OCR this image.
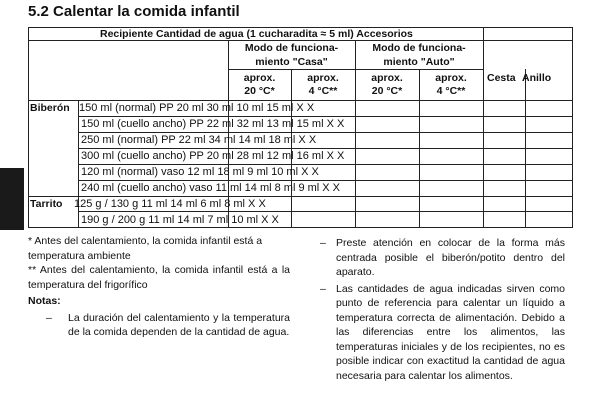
5.2 Calentar la comida infantil
Recipiente Cantidad de agua (1 cucharadita ≈ 5 ml) Accesorios
Modo de funciona-
miento "Casa"
Modo de funciona-
miento "Auto"
aprox.
20 °C*
aprox.
4 °C**
aprox.
20 °C*
aprox.
4 °C**
Cesta Anillo
Biberón
Tarrito
150 ml (normal) PP 20 ml 30 ml 10 ml 15 ml X X
150 ml (cuello ancho) PP 22 ml 32 ml 13 ml 15 ml X X
250 ml (normal) PP 22 ml 34 ml 14 ml 18 ml X X
300 ml (cuello ancho) PP 20 ml 28 ml 12 ml 16 ml X X
120 ml (normal) vaso 12 ml 18 ml 9 ml 10 ml X X
240 ml (cuello ancho) vaso 11 ml 14 ml 8 ml 9 ml X X
125 g / 130 g 11 ml 14 ml 6 ml 8 ml X X
190 g / 200 g 11 ml 14 ml 7 ml 10 ml X X

* Antes del calentamiento, la comida infantil está a temperatura ambiente

** Antes del calentamiento, la comida infantil está a la temperatura del frigorífico

Notas:

–	La duración del calentamiento y la temperatura de la comida dependen de la cantidad de agua.
– Preste atención en colocar de la forma más centrada posible el biberón/potito dentro del aparato.
– Las cantidades de agua indicadas sirven como punto de referencia para calentar un líquido a temperatura correcta de alimentación. Debido a las diferencias entre los alimentos, las temperaturas iniciales y de los recipientes, no es posible indicar con exactitud la cantidad de agua necesaria para calentar los alimentos.
